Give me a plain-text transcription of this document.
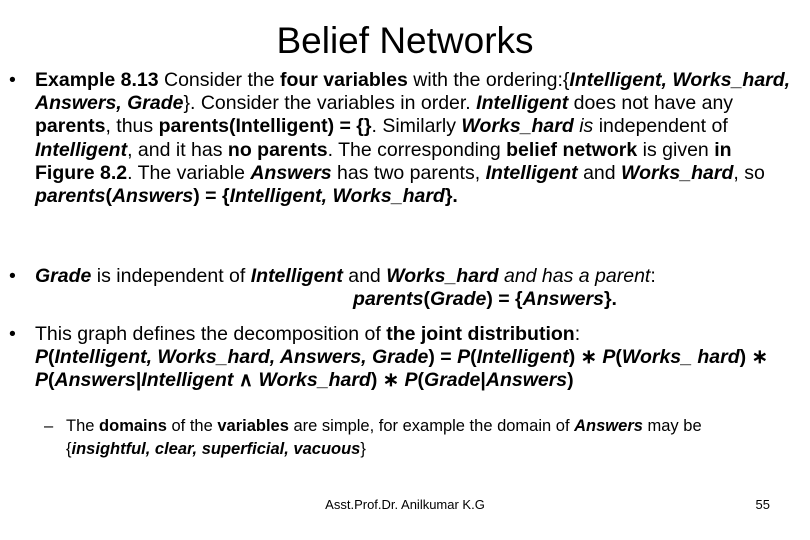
Belief Networks
• Example 8.13 Consider the four variables with the ordering:{Intelligent, Works_hard, Answers, Grade}. Consider the variables in order. Intelligent does not have any parents, thus parents(Intelligent) = {}. Similarly Works_hard is independent of Intelligent, and it has no parents. The corresponding belief network is given in Figure 8.2. The variable Answers has two parents, Intelligent and Works_hard, so parents(Answers) = {Intelligent, Works_hard}.
• Grade is independent of Intelligent and Works_hard and has a parent:
parents(Grade) = {Answers}.
• This graph defines the decomposition of the joint distribution:
P(Intelligent, Works_hard, Answers, Grade) = P(Intelligent) ∗ P(Works_ hard) ∗ P(Answers|Intelligent ∧ Works_hard) ∗ P(Grade|Answers)
– The domains of the variables are simple, for example the domain of Answers may be {insightful, clear, superficial, vacuous}
Asst.Prof.Dr. Anilkumar K.G	55
